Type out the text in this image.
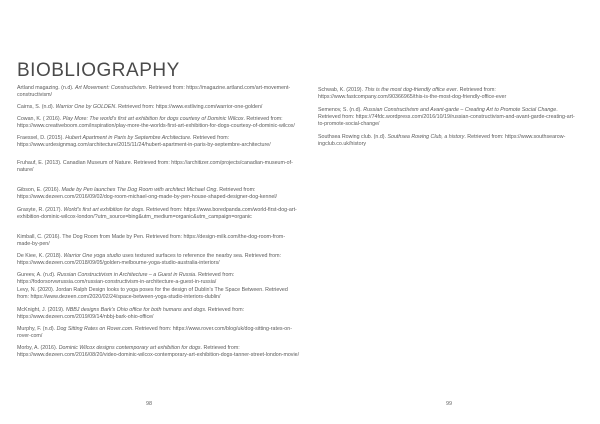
BIOBLIOGRAPHY

Artland magazing. (n.d). Art Movement: Constructivism. Retrieved from: https://magazine.artland.com/art-movement-constructivism/

Cairns, S. (n.d). Warrior One by GOLDEN. Retrieved from: https://www.estliving.com/warrior-one-golden/

Cowan, K. ( 2016). Play More: The world's first art exhibition for dogs courtesy of Dominic Wilcox. Retrieved from: https://www.creativeboom.com/inspiration/play-more-the-worlds-first-art-exhibition-for-dogs-courtesy-of-dominic-wilcox/

Fraessel, D. (2015). Hubert Apartment in Paris by Septembre Architecture. Retrieved from: https://www.urdesignmag.com/architecture/2015/11/24/hubert-apartment-in-paris-by-septembre-architecture/

Fruhauf, E. (2013). Canadian Museum of Nature. Retrieved from: https://architizer.com/projects/canadian-museum-of-nature/

Gibson, E. (2016). Made by Pen launches The Dog Room with architect Michael Ong. Retrieved from: https://www.dezeen.com/2016/09/02/dog-room-michael-ong-made-by-pen-house-shaped-designer-dog-kennel/

Grasyte, R. (2017). World's first art exhibition for dogs. Retrieved from: https://www.boredpanda.com/world-first-dog-art-exhibition-dominic-wilcox-london/?utm_source=bing&utm_medium=organic&utm_campaign=organic

Kimball, C. (2016). The Dog Room from Made by Pen. Retrieved from: https://design-milk.com/the-dog-room-from-made-by-pen/

De Kiee, K. (2018). Warrior One yoga studio uses textured surfaces to reference the nearby sea. Retrieved from: https://www.dezeen.com/2018/09/05/golden-melbourne-yoga-studio-australia-interiors/

Gureev, A. (n.d). Russian Constructivism in Architecture – a Guest in Russia. Retrieved from: https://fodorsorvwrussia.com/russian-constructivism-in-architecture-a-guest-in-russia/

Levy, N. (2020). Jordan Ralph Design looks to yoga poses for the design of Dublin's The Space Between. Retrieved from: https://www.dezeen.com/2020/02/24/space-between-yoga-studio-interiors-dublin/

McKnight, J. (2019). NBBJ designs Bark's Ohio office for both humans and dogs. Retrieved from: https://www.dezeen.com/2019/09/14/nbbj-bark-ohio-office/

Murphy, F. (n.d). Dog Sitting Rates on Rover.com. Retrieved from: https://www.rover.com/blog/uk/dog-sitting-rates-on-rover-com/

Morby, A. (2016). Dominic Wilcox designs contemporary art exhibition for dogs. Retrieved from: https://www.dezeen.com/2016/08/20/video-dominic-wilcox-contemporary-art-exhibition-dogs-tanner-street-london-movie/

Schwab, K. (2019). This is the most dog-friendly office ever. Retrieved from: https://www.fastcompany.com/90366965/this-is-the-most-dog-friendly-office-ever

Semenov, S. (n.d). Russian Constructivism and Avant-garde – Creating Art to Promote Social Change. Retrieved from: https://74fdc.wordpress.com/2016/10/19/russian-constructivism-and-avant-garde-creating-art-to-promote-social-change/

Southsea Rowing club. (n.d). Southsea Rowing Club, a history. Retrieved from: https://www.southsearow-ingclub.co.uk/history

98	99
